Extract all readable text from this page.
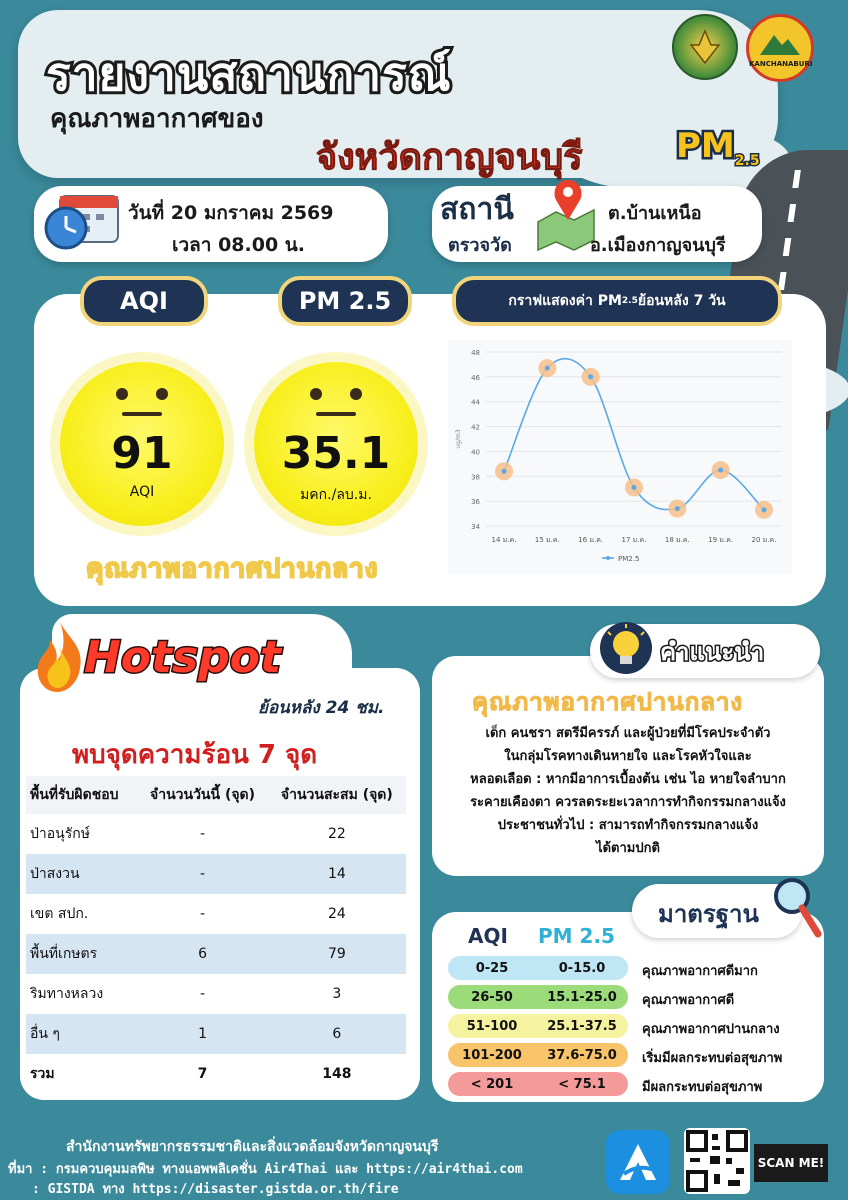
รายงานสถานการณ์
คุณภาพอากาศของ
จังหวัดกาญจนบุรี	$PM_{2.5}$
KANCHANABURI
วันที่ 20 มกราคม 2569
เวลา 08.00 น.
สถานี
ตรวจวัด
ต.บ้านเหนือ
อ.เมืองกาญจนบุรี
AQI	PM 2.5	กราฟแสดงค่า PM 2.5 ย้อนหลัง 7 วัน
91
AQI
35.1
มคก./ลบ.ม.
คุณภาพอากาศปานกลาง
34
36
38
40
42
44
46
48
ug/m3
14 ม.ค.	15 ม.ค.	16 ม.ค.	17 ม.ค.	18 ม.ค.	19 ม.ค.	20 ม.ค.
PM2.5
Hotspot
ย้อนหลัง 24 ชม.
พบจุดความร้อน 7 จุด
พื้นที่รับผิดชอบ	จำนวนวันนี้ (จุด)	จำนวนสะสม (จุด)
ป่าอนุรักษ์	-	22
ป่าสงวน	-	14
เขต สปก.	-	24
พื้นที่เกษตร	6	79
ริมทางหลวง	-	3
อื่น ๆ	1	6
รวม	7	148
คำแนะนำ
คุณภาพอากาศปานกลาง
เด็ก คนชรา สตรีมีครรภ์ และผู้ป่วยที่มีโรคประจำตัว
ในกลุ่มโรคทางเดินหายใจ และโรคหัวใจและ
หลอดเลือด : หากมีอาการเบื้องต้น เช่น ไอ หายใจลำบาก
ระคายเคืองตา ควรลดระยะเวลาการทำกิจกรรมกลางแจ้ง
ประชาชนทั่วไป : สามารถทำกิจกรรมกลางแจ้ง
ได้ตามปกติ
มาตรฐาน
AQI PM 2.5
0-25	0-15.0	คุณภาพอากาศดีมาก
26-50	15.1-25.0	คุณภาพอากาศดี
51-100	25.1-37.5	คุณภาพอากาศปานกลาง
101-200	37.6-75.0	เริ่มมีผลกระทบต่อสุขภาพ
< 201	< 75.1	มีผลกระทบต่อสุขภาพ
สำนักงานทรัพยากรธรรมชาติและสิ่งแวดล้อมจังหวัดกาญจนบุรี
ที่มา : กรมควบคุมมลพิษ ทางแอพพลิเคชั่น Air4Thai และ https://air4thai.com
: GISTDA ทาง https://disaster.gistda.or.th/fire
SCAN ME!
